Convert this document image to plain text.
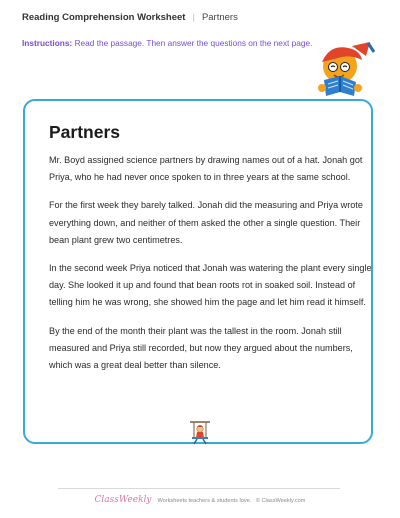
Reading Comprehension Worksheet | Partners
Instructions: Read the passage. Then answer the questions on the next page.
Partners

Mr. Boyd assigned science partners by drawing names out of a hat. Jonah got Priya, who he had never once spoken to in three years at the same school.

For the first week they barely talked. Jonah did the measuring and Priya wrote everything down, and neither of them asked the other a single question. Their bean plant grew two centimetres.

In the second week Priya noticed that Jonah was watering the plant every single day. She looked it up and found that bean roots rot in soaked soil. Instead of telling him he was wrong, she showed him the page and let him read it himself.

By the end of the month their plant was the tallest in the room. Jonah still measured and Priya still recorded, but now they argued about the numbers, which was a great deal better than silence.

ClassWeekly Worksheets teachers & students love. © ClassWeekly.com
